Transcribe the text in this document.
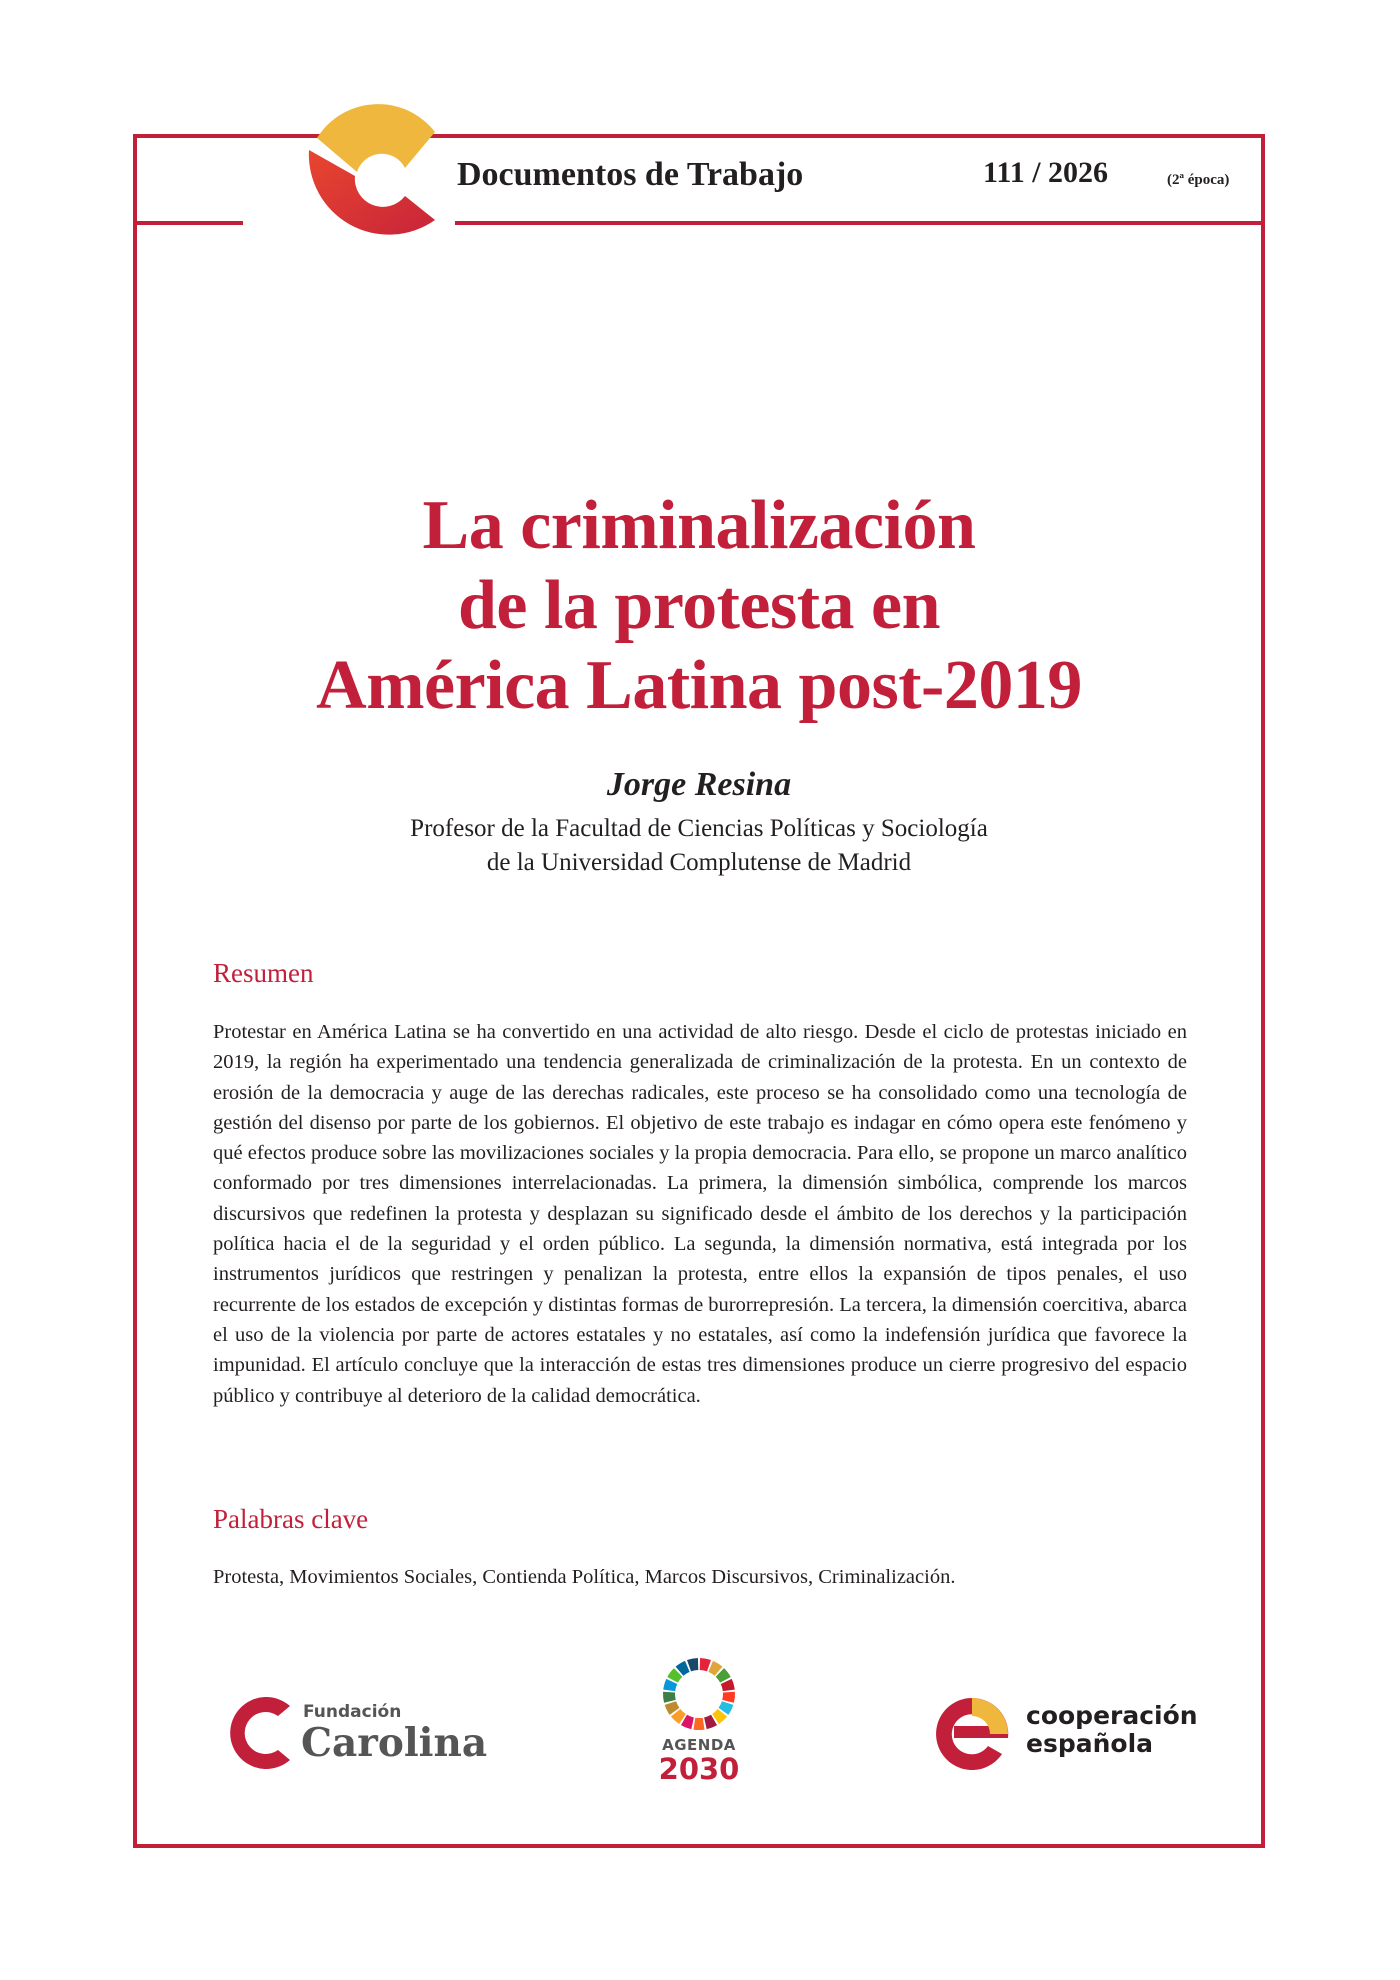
Documentos de Trabajo	111 / 2026	(2ª época)
La criminalización
de la protesta en
América Latina post-2019
Jorge Resina
Profesor de la Facultad de Ciencias Políticas y Sociología
de la Universidad Complutense de Madrid
Resumen

Protestar en América Latina se ha convertido en una actividad de alto riesgo. Desde el ciclo de protestas iniciado en 2019, la región ha experimentado una tendencia generalizada de criminalización de la protesta. En un contexto de erosión de la democracia y auge de las derechas radicales, este proceso se ha consolidado como una tecnología de gestión del disenso por parte de los gobiernos. El objetivo de este trabajo es indagar en cómo opera este fenómeno y qué efectos produce sobre las movilizaciones sociales y la propia democracia. Para ello, se propone un marco analítico conformado por tres dimensiones interrelacionadas. La primera, la dimensión simbólica, comprende los marcos discursivos que redefinen la protesta y desplazan su significado desde el ámbito de los derechos y la participación política hacia el de la seguridad y el orden público. La segunda, la dimensión normativa, está integrada por los instrumentos jurídicos que restringen y penalizan la protesta, entre ellos la expansión de tipos penales, el uso recurrente de los estados de excepción y distintas formas de burorrepresión. La tercera, la dimensión coercitiva, abarca el uso de la violencia por parte de actores estatales y no estatales, así como la indefensión jurídica que favorece la impunidad. El artículo concluye que la interacción de estas tres dimensiones produce un cierre progresivo del espacio público y contribuye al deterioro de la calidad democrática.

Palabras clave
Protesta, Movimientos Sociales, Contienda Política, Marcos Discursivos, Criminalización.
Fundación
Carolina	AGENDA
2030
cooperación
española
